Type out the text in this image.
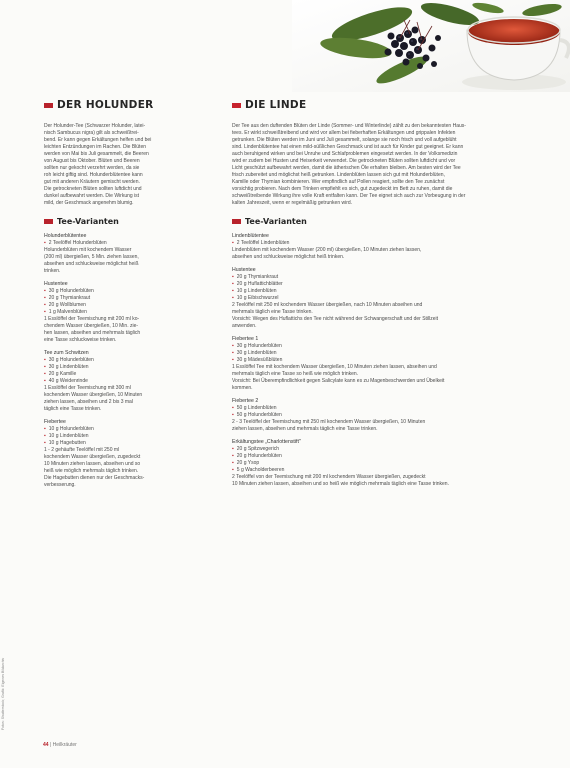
DER HOLUNDER	DIE LINDE

Der Holunder-Tee (Schwarzer Holunder, latei-
nisch Sambucus nigra) gilt als schweißtrei-
bend. Er kann gegen Erkältungen helfen und bei
leichten Entzündungen im Rachen. Die Blüten
werden von Mai bis Juli gesammelt, die Beeren
von August bis Oktober. Blüten und Beeren
sollten nur gekocht verzehrt werden, da sie
roh leicht giftig sind. Holunderblütentee kann
gut mit anderen Kräutern gemischt werden.
Die getrockneten Blüten sollten luftdicht und
dunkel aufbewahrt werden. Die Wirkung ist
mild, der Geschmack angenehm blumig.

Tee-Varianten
Holunderblütentee
▪ 2 Teelöffel Holunderblüten

Holunderblüten mit kochendem Wasser
(200 ml) übergießen, 5 Min. ziehen lassen,
abseihen und schluckweise möglichst heiß
trinken.

Hustentee
▪ 30 g Holunderblüten
▪ 20 g Thymiankraut
▪ 20 g Wollblumen
▪ 1 g Malvenblüten

1 Esslöffel der Teemischung mit 200 ml ko-
chendem Wasser übergießen, 10 Min. zie-
hen lassen, abseihen und mehrmals täglich
eine Tasse schluckweise trinken.

Tee zum Schwitzen
▪ 30 g Holunderblüten
▪ 30 g Lindenblüten
▪ 20 g Kamille
▪ 40 g Weidenrinde

1 Esslöffel der Teemischung mit 300 ml
kochendem Wasser übergießen, 10 Minuten
ziehen lassen, abseihen und 2 bis 3 mal
täglich eine Tasse trinken.

Fiebertee
▪ 10 g Holunderblüten
▪ 10 g Lindenblüten
▪ 10 g Hagebutten

1 - 2 gehäufte Teelöffel mit 250 ml
kochendem Wasser übergießen, zugedeckt
10 Minuten ziehen lassen, abseihen und so
heiß wie möglich mehrmals täglich trinken.
Die Hagebutten dienen nur der Geschmacks-
verbesserung.

Der Tee aus den duftenden Blüten der Linde (Sommer- und Winterlinde) zählt zu den bekanntesten Haus-
tees. Er wirkt schweißtreibend und wird vor allem bei fieberhaften Erkältungen und grippalen Infekten
getrunken. Die Blüten werden im Juni und Juli gesammelt, solange sie noch frisch und voll aufgeblüht
sind. Lindenblütentee hat einen mild-süßlichen Geschmack und ist auch für Kinder gut geeignet. Er kann
auch beruhigend wirken und bei Unruhe und Schlafproblemen eingesetzt werden. In der Volksmedizin
wird er zudem bei Husten und Heiserkeit verwendet. Die getrockneten Blüten sollten luftdicht und vor
Licht geschützt aufbewahrt werden, damit die ätherischen Öle erhalten bleiben. Am besten wird der Tee
frisch zubereitet und möglichst heiß getrunken. Lindenblüten lassen sich gut mit Holunderblüten,
Kamille oder Thymian kombinieren. Wer empfindlich auf Pollen reagiert, sollte den Tee zunächst
vorsichtig probieren. Nach dem Trinken empfiehlt es sich, gut zugedeckt im Bett zu ruhen, damit die
schweißtreibende Wirkung ihre volle Kraft entfalten kann. Der Tee eignet sich auch zur Vorbeugung in der
kalten Jahreszeit, wenn er regelmäßig getrunken wird.

Tee-Varianten
Lindenblütentee
▪ 2 Teelöffel Lindenblüten

Lindenblüten mit kochendem Wasser (200 ml) übergießen, 10 Minuten ziehen lassen,
abseihen und schluckweise möglichst heiß trinken.

Hustentee
▪ 20 g Thymiankraut
▪ 20 g Huflattichblätter
▪ 10 g Lindenblüten
▪ 10 g Eibischwurzel

2 Teelöffel mit 250 ml kochendem Wasser übergießen, nach 10 Minuten abseihen und
mehrmals täglich eine Tasse trinken.
Vorsicht: Wegen des Huflattichs den Tee nicht während der Schwangerschaft und der Stillzeit
anwenden.

Fiebertee 1
▪ 30 g Holunderblüten
▪ 30 g Lindenblüten
▪ 30 g Mädesüßblüten

1 Esslöffel Tee mit kochendem Wasser übergießen, 10 Minuten ziehen lassen, abseihen und
mehrmals täglich eine Tasse so heiß wie möglich trinken.
Vorsicht: Bei Überempfindlichkeit gegen Salicylate kann es zu Magenbeschwerden und Übelkeit
kommen.

Fiebertee 2
▪ 50 g Lindenblüten
▪ 50 g Holunderblüten

2 - 3 Teelöffel der Teemischung mit 250 ml kochendem Wasser übergießen, 10 Minuten
ziehen lassen, abseihen und mehrmals täglich eine Tasse trinken.

Erkältungstee „Charlottenstift"
▪ 20 g Spitzwegerich
▪ 20 g Holunderblüten
▪ 20 g Ysop
▪ 5 g Wacholderbeeren

2 Teelöffel von der Teemischung mit 200 ml kochendem Wasser übergießen, zugedeckt
10 Minuten ziehen lassen, abseihen und so heiß wie möglich mehrmals täglich eine Tasse trinken.

Fotos: Shutterstock; Grafik: Eigenes Bildarchiv
44 | Heilkräuter
